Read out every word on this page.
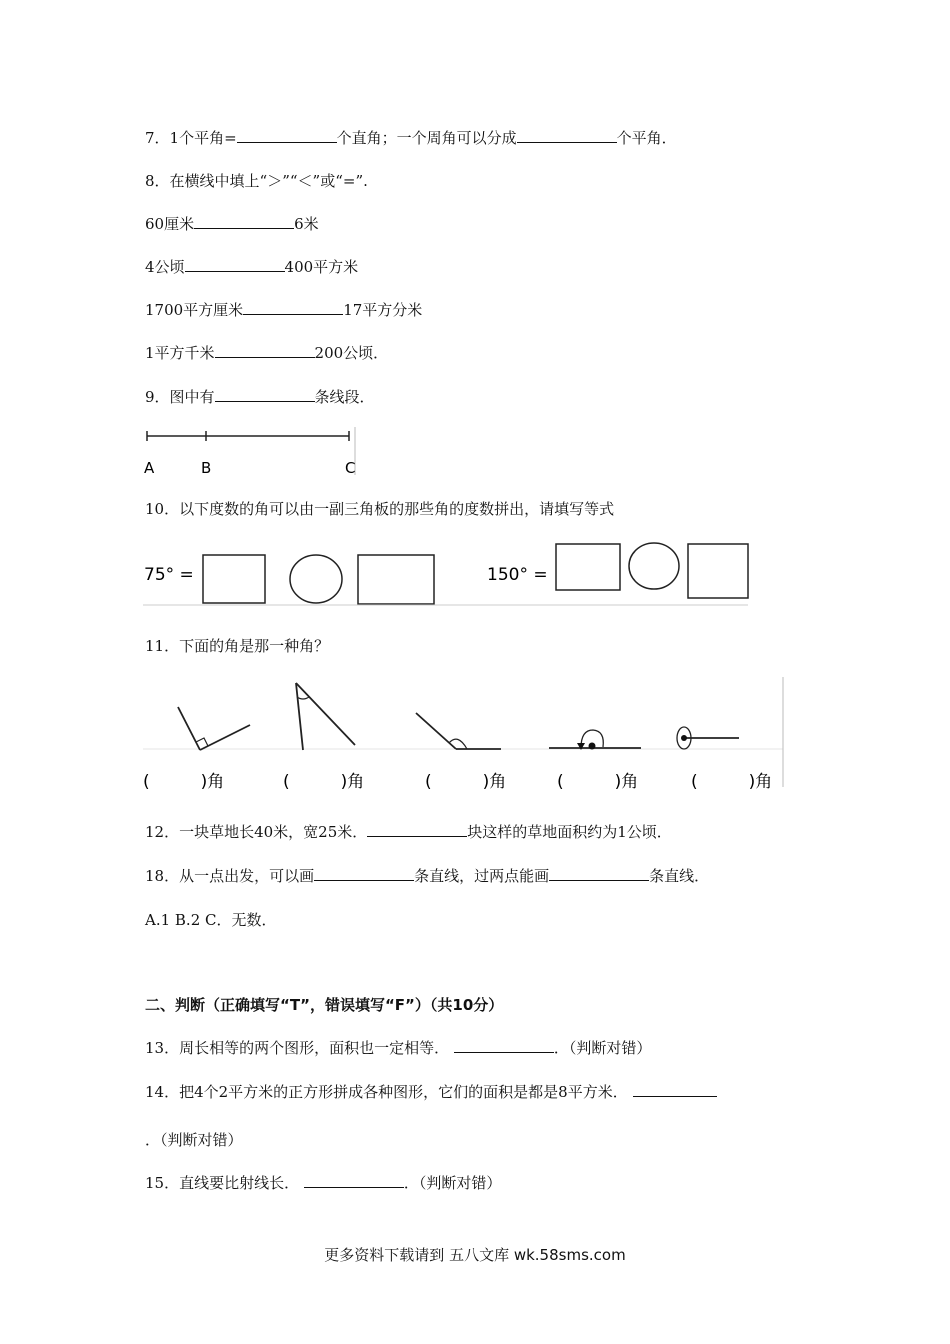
7．1个平角=	个直角；一个周角可以分成	个平角．
8．在横线中填上“＞”“＜”或“=”.
60厘米	6米
4公顷	400平方米
1700平方厘米	17平方分米
1平方千米	200公顷．
9．图中有	条线段．
A	B	C
10．以下度数的角可以由一副三角板的那些角的度数拼出，请填写等式
75° =	150° =
11．下面的角是那一种角？
(　　　)角	(　　　)角	(　　　)角	(　　　)角	(　　　)角
12．一块草地长40米，宽25米．	块这样的草地面积约为1公顷．
18．从一点出发，可以画	条直线，过两点能画	条直线．
A.1 B.2 C．无数．
二、判断（正确填写“T”，错误填写“F”）（共10分）
13．周长相等的两个图形，面积也一定相等．	．（判断对错）
14．把4个2平方米的正方形拼成各种图形，它们的面积是都是8平方米．
．（判断对错）
15．直线要比射线长．	．（判断对错）
更多资料下载请到 五八文库 wk.58sms.com
